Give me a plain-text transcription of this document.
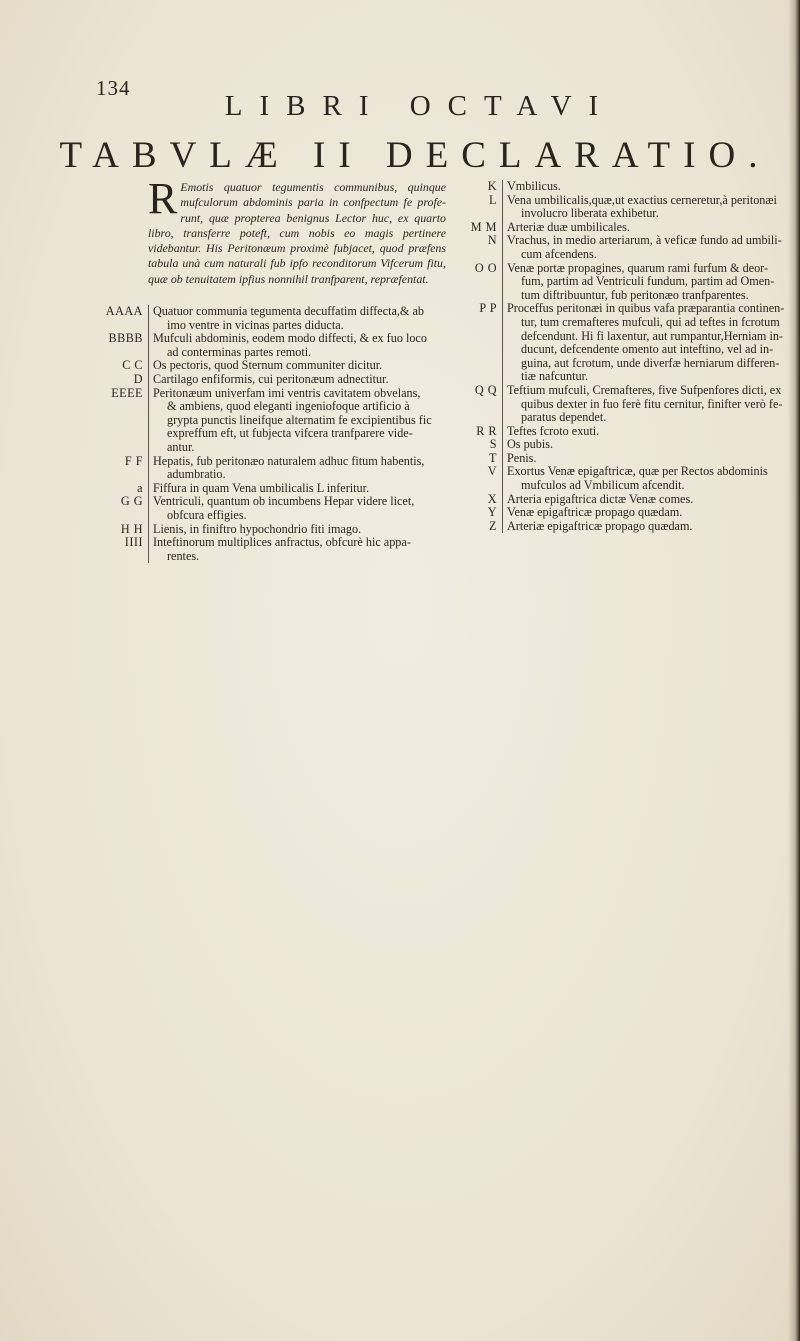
134
LIBRI OCTAVI
TABVLÆ II DECLARATIO.
R Emotis quatuor tegumentis communibus, quinque mufculorum abdominis paria in confpectum fe profe- runt, quæ propterea benignus Lector huc, ex quarto libro, transferre poteft, cum nobis eo magis pertinere videbantur. His Peritonæum proximè fubjacet, quod præfens tabula unà cum naturali fub ipfo reconditorum Vifcerum fitu, quæ ob tenuitatem ipfius nonnihil tranfparent, repræfentat.
AAAA Quatuor communia tegumenta decuffatim diffecta,& ab
imo ventre in vicinas partes diducta.
BBBB Mufculi abdominis, eodem modo diffecti, & ex fuo loco
ad conterminas partes remoti.
C C Os pectoris, quod Sternum communiter dicitur.
D Cartilago enfiformis, cui peritonæum adnectitur.
EEEE Peritonæum univerfam imi ventris cavitatem obvelans,
& ambiens, quod eleganti ingeniofoque artificio à
grypta punctis lineifque alternatim fe excipientibus fic
expreffum eft, ut fubjecta vifcera tranfparere vide-
antur.
F F Hepatis, fub peritonæo naturalem adhuc fitum habentis,
adumbratio.
a Fiffura in quam Vena umbilicalis L inferitur.
G G Ventriculi, quantum ob incumbens Hepar videre licet,
obfcura effigies.
H H Lienis, in finiftro hypochondrio fiti imago.
IIII Inteftinorum multiplices anfractus, obfcurè hic appa-
rentes.
K Vmbilicus.
L Vena umbilicalis,quæ,ut exactius cerneretur,à peritonæi
involucro liberata exhibetur.
M M Arteriæ duæ umbilicales.
N Vrachus, in medio arteriarum, à veficæ fundo ad umbili-
cum afcendens.
O O Venæ portæ propagines, quarum rami furfum & deor-
fum, partim ad Ventriculi fundum, partim ad Omen-
tum diftribuuntur, fub peritonæo tranfparentes.
P P Proceffus peritonæi in quibus vafa præparantia continen-
tur, tum cremafteres mufculi, qui ad teftes in fcrotum
defcendunt. Hi fi laxentur, aut rumpantur,Herniam in-
ducunt, defcendente omento aut inteftino, vel ad in-
guina, aut fcrotum, unde diverfæ herniarum differen-
tiæ nafcuntur.
Q Q Teftium mufculi, Cremafteres, five Sufpenfores dicti, ex
quibus dexter in fuo ferè fitu cernitur, finifter verò fe-
paratus dependet.
R R Teftes fcroto exuti.
S Os pubis.
T Penis.
V Exortus Venæ epigaftricæ, quæ per Rectos abdominis
mufculos ad Vmbilicum afcendit.
X Arteria epigaftrica dictæ Venæ comes.
Y Venæ epigaftricæ propago quædam.
Z Arteriæ epigaftricæ propago quædam.
